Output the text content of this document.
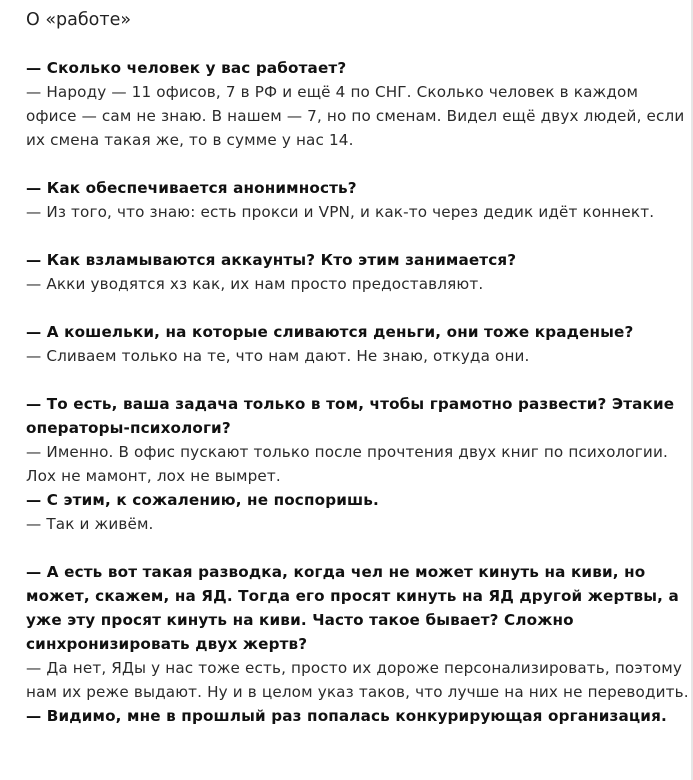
О «работе»

— Сколько человек у вас работает?

— Народу — 11 офисов, 7 в РФ и ещё 4 по СНГ. Сколько человек в каждом офисе — сам не знаю. В нашем — 7, но по сменам. Видел ещё двух людей, если их смена такая же, то в сумме у нас 14.

— Как обеспечивается анонимность?

— Из того, что знаю: есть прокси и VPN, и как-то через дедик идёт коннект.

— Как взламываются аккаунты? Кто этим занимается?

— Акки уводятся хз как, их нам просто предоставляют.

— А кошельки, на которые сливаются деньги, они тоже краденые?

— Сливаем только на те, что нам дают. Не знаю, откуда они.

— То есть, ваша задача только в том, чтобы грамотно развести? Этакие операторы-психологи?

— Именно. В офис пускают только после прочтения двух книг по психологии. Лох не мамонт, лох не вымрет.

— С этим, к сожалению, не поспоришь.

— Так и живём.

— А есть вот такая разводка, когда чел не может кинуть на киви, но может, скажем, на ЯД. Тогда его просят кинуть на ЯД другой жертвы, а уже эту просят кинуть на киви. Часто такое бывает? Сложно синхронизировать двух жертв?

— Да нет, ЯДы у нас тоже есть, просто их дороже персонализировать, поэтому нам их реже выдают. Ну и в целом указ таков, что лучше на них не переводить.

— Видимо, мне в прошлый раз попалась конкурирующая организация.
